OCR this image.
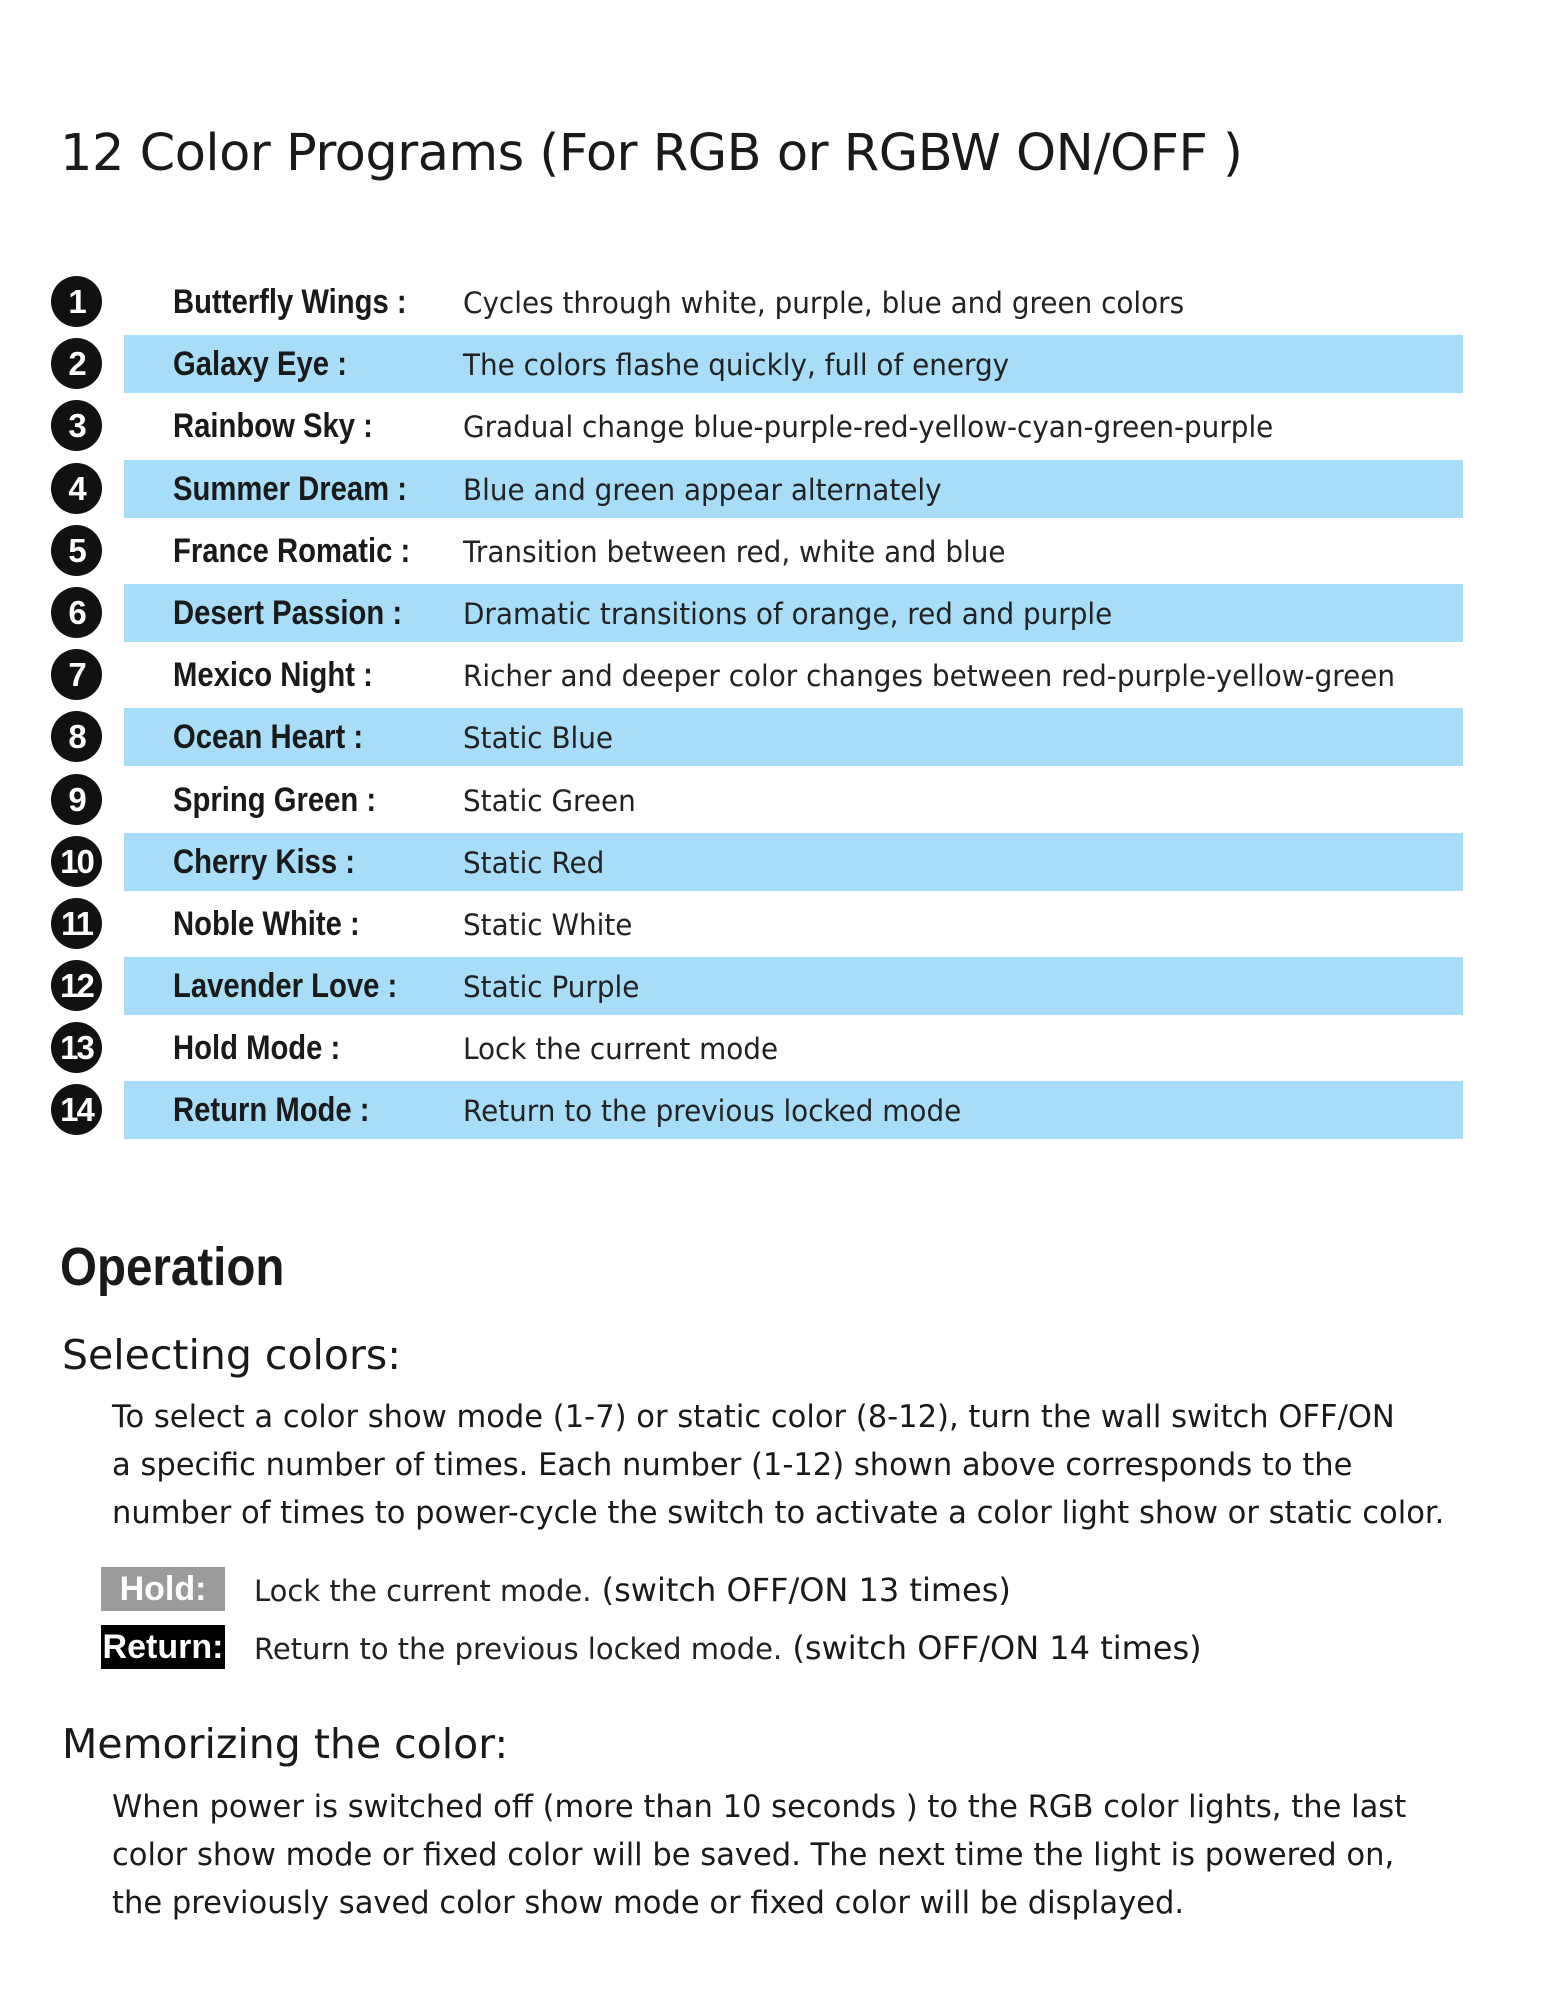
12 Color Programs (For RGB or RGBW ON/OFF )
1	Butterfly Wings : Cycles through white, purple, blue and green colors
2	Galaxy Eye :	The colors flashe quickly, full of energy
3	Rainbow Sky :	Gradual change blue-purple-red-yellow-cyan-green-purple
4	Summer Dream : Blue and green appear alternately
5	France Romatic : Transition between red, white and blue
6	Desert Passion : Dramatic transitions of orange, red and purple
7	Mexico Night :	Richer and deeper color changes between red-purple-yellow-green
8	Ocean Heart :	Static Blue
9	Spring Green :	Static Green
10 Cherry Kiss :	Static Red
11 Noble White :	Static White
12 Lavender Love : Static Purple
13 Hold Mode :	Lock the current mode
14 Return Mode :	Return to the previous locked mode
Operation
Selecting colors:

To select a color show mode (1-7) or static color (8-12), turn the wall switch OFF/ON
a specific number of times. Each number (1-12) shown above corresponds to the
number of times to power-cycle the switch to activate a color light show or static color.

Hold:	Lock the current mode. (switch OFF/ON 13 times)
Return: Return to the previous locked mode. (switch OFF/ON 14 times)
Memorizing the color:

When power is switched off (more than 10 seconds ) to the RGB color lights, the last
color show mode or fixed color will be saved. The next time the light is powered on,
the previously saved color show mode or fixed color will be displayed.
